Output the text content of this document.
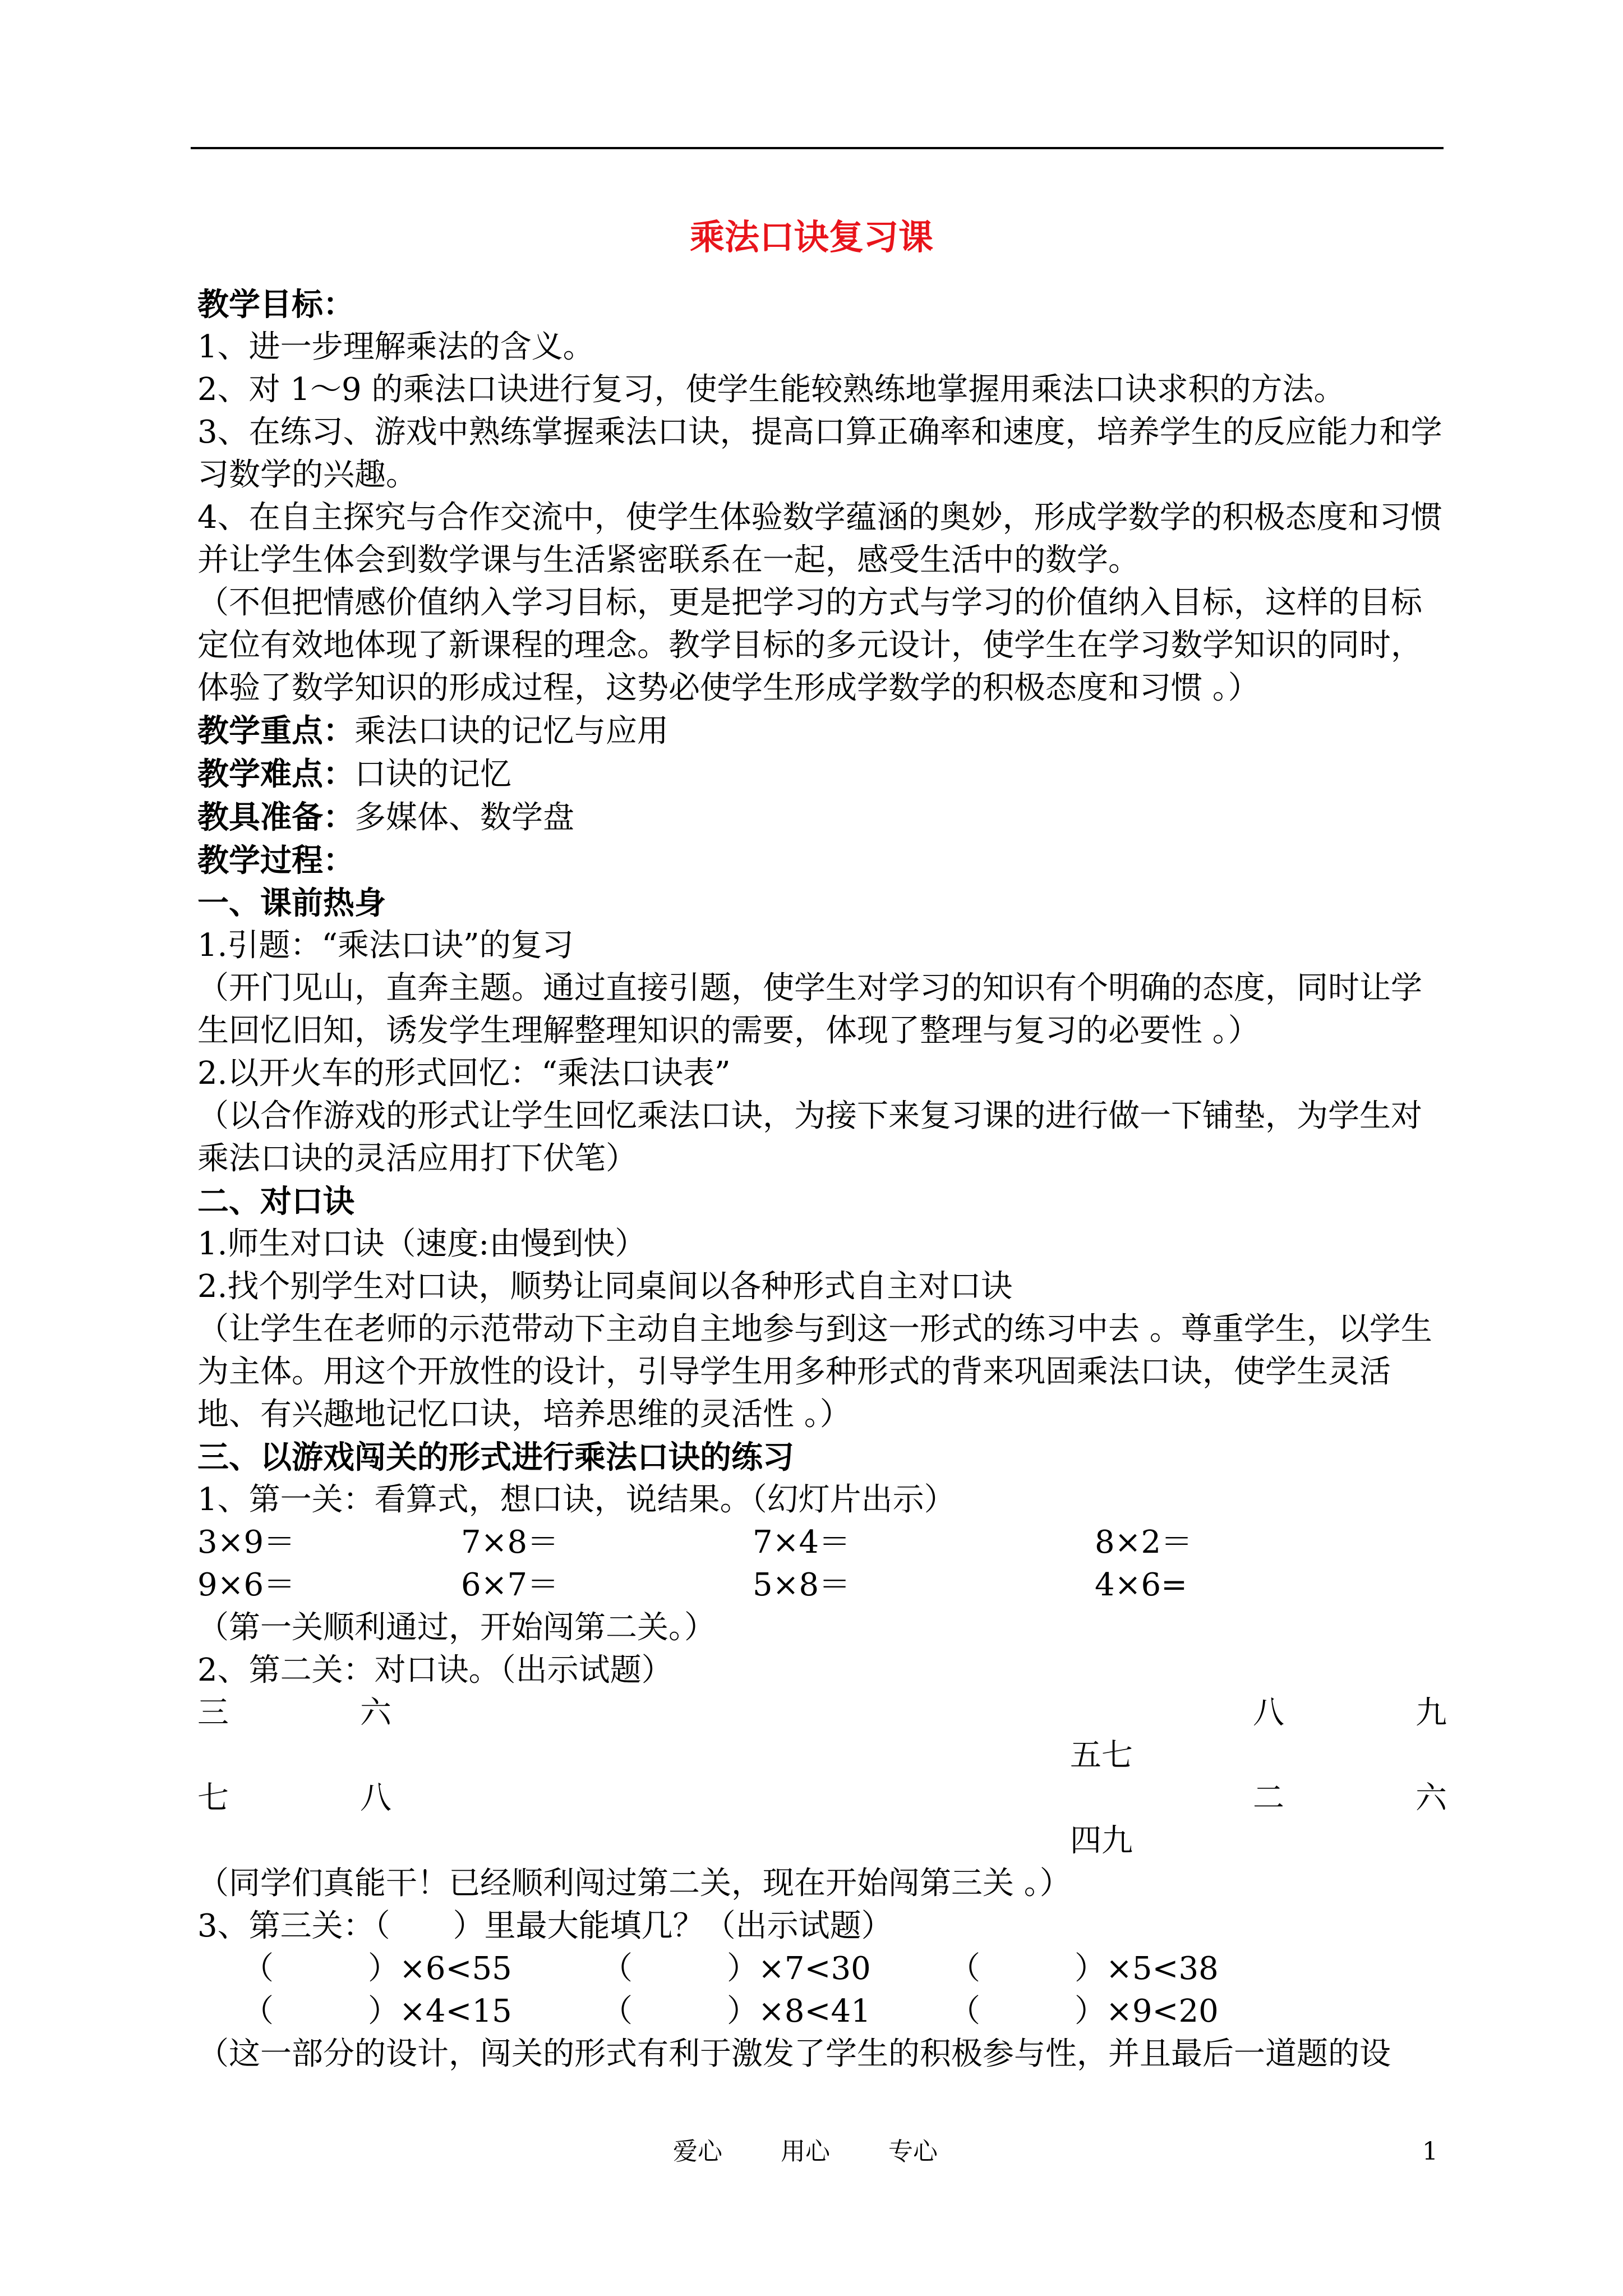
乘法口诀复习课

教学目标：

1、进一步理解乘法的含义。

2、对 1～9 的乘法口诀进行复习，使学生能较熟练地掌握用乘法口诀求积的方法。

3、在练习、游戏中熟练掌握乘法口诀，提高口算正确率和速度，培养学生的反应能力和学习数学的兴趣。

4、在自主探究与合作交流中，使学生体验数学蕴涵的奥妙，形成学数学的积极态度和习惯并让学生体会到数学课与生活紧密联系在一起，感受生活中的数学。

（不但把情感价值纳入学习目标，更是把学习的方式与学习的价值纳入目标，这样的目标定位有效地体现了新课程的理念。教学目标的多元设计，使学生在学习数学知识的同时，体验了数学知识的形成过程，这势必使学生形成学数学的积极态度和习惯 。）

教学重点：乘法口诀的记忆与应用

教学难点：口诀的记忆

教具准备：多媒体、数学盘

教学过程：

一、课前热身

1.引题：“乘法口诀”的复习

（开门见山，直奔主题。通过直接引题，使学生对学习的知识有个明确的态度，同时让学生回忆旧知，诱发学生理解整理知识的需要，体现了整理与复习的必要性 。）

2.以开火车的形式回忆：“乘法口诀表”

（以合作游戏的形式让学生回忆乘法口诀，为接下来复习课的进行做一下铺垫，为学生对乘法口诀的灵活应用打下伏笔）

二、对口诀

1.师生对口诀（速度:由慢到快）

2.找个别学生对口诀，顺势让同桌间以各种形式自主对口诀

（让学生在老师的示范带动下主动自主地参与到这一形式的练习中去 。尊重学生，以学生为主体。用这个开放性的设计，引导学生用多种形式的背来巩固乘法口诀，使学生灵活地、有兴趣地记忆口诀，培养思维的灵活性 。）

三、以游戏闯关的形式进行乘法口诀的练习

1、第一关：看算式，想口诀，说结果。（幻灯片出示）

3×9＝	7×8＝	7×4＝	8×2＝
9×6＝	6×7＝	5×8＝	4×6=

（第一关顺利通过，开始闯第二关。）

2、第二关：对口诀。（出示试题）

三	六	八	九
五七
七	八	二	六
四九

（同学们真能干！已经顺利闯过第二关，现在开始闯第三关 。）

3、第三关：（　　）里最大能填几？（出示试题）

（　　　）×6<55	（　　　）×7<30	（　　　）×5<38
（　　　）×4<15	（　　　）×8<41	（　　　）×9<20

（这一部分的设计，闯关的形式有利于激发了学生的积极参与性，并且最后一道题的设

爱心 用心 专心	1
